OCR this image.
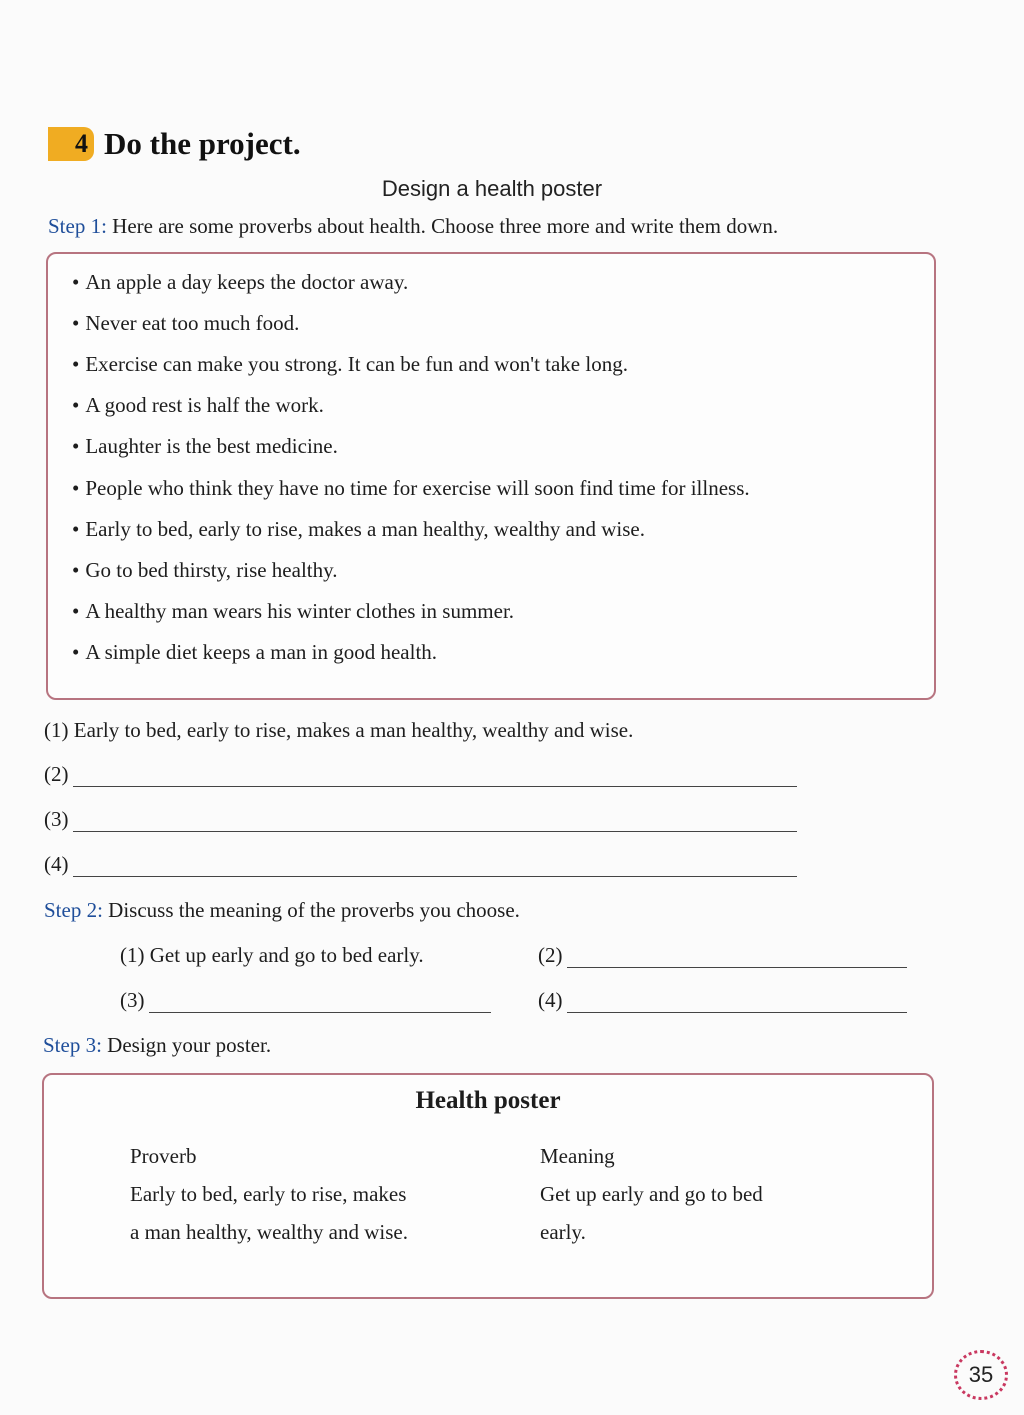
4 Do the project.
Design a health poster
Step 1: Here are some proverbs about health. Choose three more and write them down.
• An apple a day keeps the doctor away.
• Never eat too much food.
• Exercise can make you strong. It can be fun and won't take long.
• A good rest is half the work.
• Laughter is the best medicine.
• People who think they have no time for exercise will soon find time for illness.
• Early to bed, early to rise, makes a man healthy, wealthy and wise.
• Go to bed thirsty, rise healthy.
• A healthy man wears his winter clothes in summer.
• A simple diet keeps a man in good health.
(1)
Early to bed, early to rise, makes a man healthy, wealthy and wise.
(2)
(3)
(4)
Step 2: Discuss the meaning of the proverbs you choose.
(1)
Get up early and go to bed early.	(2)
(3)	(4)
Step 3: Design your poster.
Health poster
Proverb
Early to bed, early to rise, makes
a man healthy, wealthy and wise.
Meaning
Get up early and go to bed
early.
35
